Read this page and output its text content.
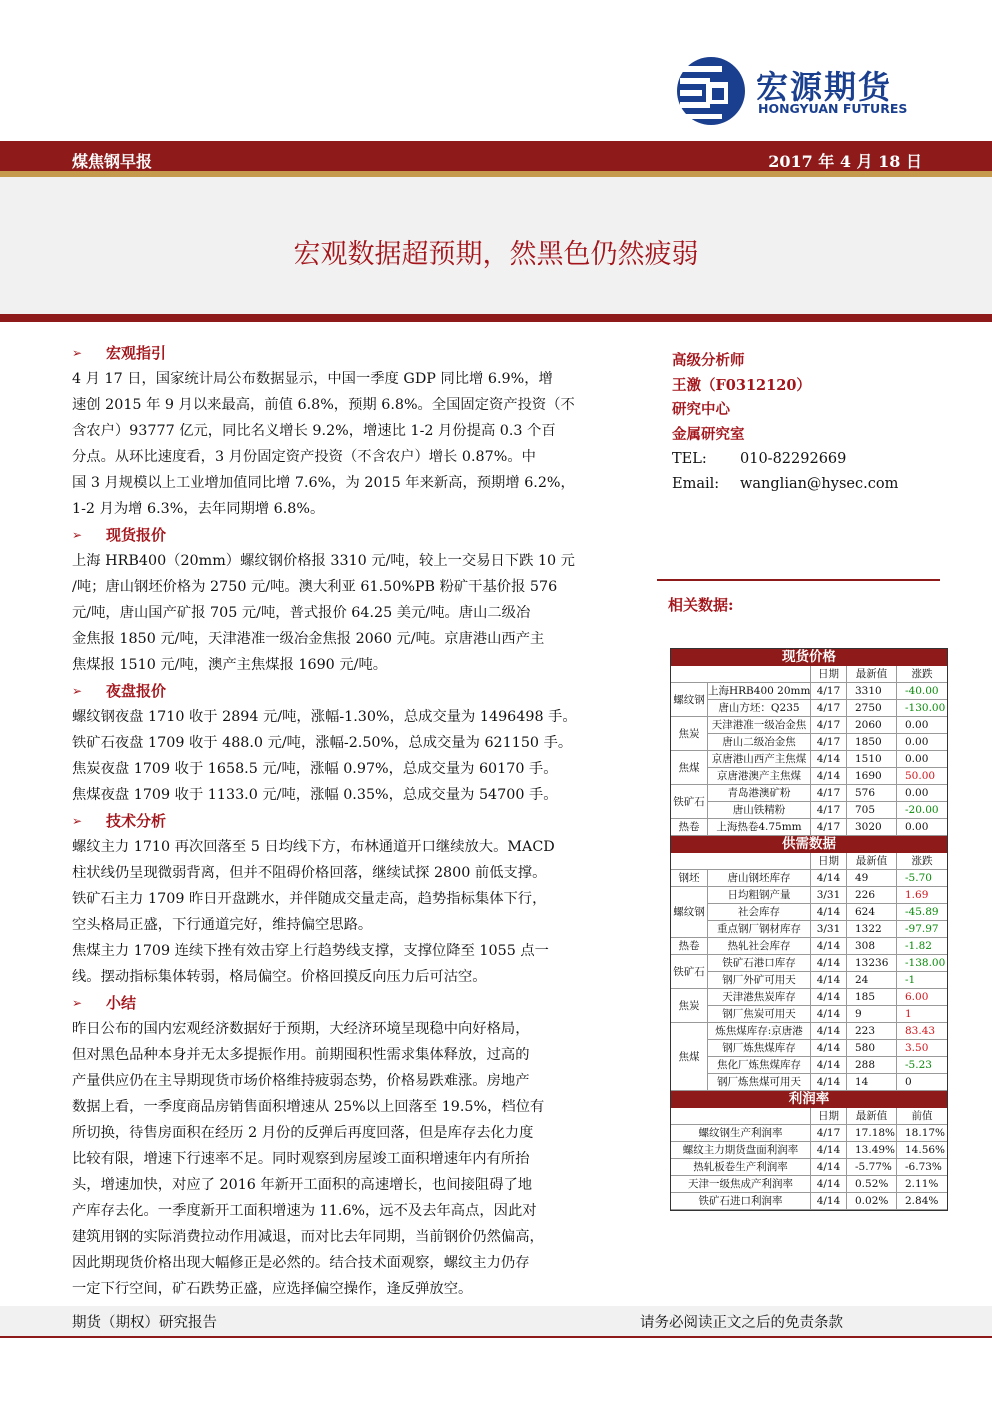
宏源期货
HONGYUAN FUTURES
煤焦钢早报	2017 年 4 月 18 日
宏观数据超预期，然黑色仍然疲弱
➢ 宏观指引
4 月 17 日，国家统计局公布数据显示，中国一季度 GDP 同比增 6.9%，增
速创 2015 年 9 月以来最高，前值 6.8%，预期 6.8%。全国固定资产投资（不
含农户）93777 亿元，同比名义增长 9.2%，增速比 1-2 月份提高 0.3 个百
分点。从环比速度看，3 月份固定资产投资（不含农户）增长 0.87%。中
国 3 月规模以上工业增加值同比增 7.6%，为 2015 年来新高，预期增 6.2%，
1-2 月为增 6.3%，去年同期增 6.8%。
➢ 现货报价
上海 HRB400（20mm）螺纹钢价格报 3310 元/吨，较上一交易日下跌 10 元
/吨；唐山钢坯价格为 2750 元/吨。澳大利亚 61.50%PB 粉矿干基价报 576
元/吨，唐山国产矿报 705 元/吨，普式报价 64.25 美元/吨。唐山二级冶
金焦报 1850 元/吨，天津港准一级冶金焦报 2060 元/吨。京唐港山西产主
焦煤报 1510 元/吨，澳产主焦煤报 1690 元/吨。
➢ 夜盘报价
螺纹钢夜盘 1710 收于 2894 元/吨，涨幅-1.30%，总成交量为 1496498 手。
铁矿石夜盘 1709 收于 488.0 元/吨，涨幅-2.50%，总成交量为 621150 手。
焦炭夜盘 1709 收于 1658.5 元/吨，涨幅 0.97%，总成交量为 60170 手。
焦煤夜盘 1709 收于 1133.0 元/吨，涨幅 0.35%，总成交量为 54700 手。
➢ 技术分析
螺纹主力 1710 再次回落至 5 日均线下方，布林通道开口继续放大。MACD
柱状线仍呈现微弱背离，但并不阻碍价格回落，继续试探 2800 前低支撑。
铁矿石主力 1709 昨日开盘跳水，并伴随成交量走高，趋势指标集体下行，
空头格局正盛，下行通道完好，维持偏空思路。
焦煤主力 1709 连续下挫有效击穿上行趋势线支撑，支撑位降至 1055 点一
线。摆动指标集体转弱，格局偏空。价格回摸反向压力后可沽空。
➢ 小结
昨日公布的国内宏观经济数据好于预期，大经济环境呈现稳中向好格局，
但对黑色品种本身并无太多提振作用。前期囤积性需求集体释放，过高的
产量供应仍在主导期现货市场价格维持疲弱态势，价格易跌难涨。房地产
数据上看，一季度商品房销售面积增速从 25%以上回落至 19.5%，档位有
所切换，待售房面积在经历 2 月份的反弹后再度回落，但是库存去化力度
比较有限，增速下行速率不足。同时观察到房屋竣工面积增速年内有所抬
头，增速加快，对应了 2016 年新开工面积的高速增长，也间接阻碍了地
产库存去化。一季度新开工面积增速为 11.6%，远不及去年高点，因此对
建筑用钢的实际消费拉动作用减退，而对比去年同期，当前钢价仍然偏高，
因此期现货价格出现大幅修正是必然的。结合技术面观察，螺纹主力仍存
一定下行空间，矿石跌势正盛，应选择偏空操作，逢反弹放空。
高级分析师
王激（F0312120）
研究中心
金属研究室
TEL: 010-82292669
Email: wanglian@hysec.com
相关数据:
现货价格
日期	最新值	涨跌
螺纹钢
上海HRB400 20mm 4/17	3310	-40.00
唐山方坯：Q235	4/17	2750	-130.00
焦炭
天津港准一级冶金焦 4/17	2060	0.00
唐山二级冶金焦	4/17	1850	0.00
焦煤
京唐港山西产主焦煤 4/14	1510	0.00
京唐港澳产主焦煤	4/14	1690	50.00
铁矿石
青岛港澳矿粉	4/17	576	0.00
唐山铁精粉	4/17	705	-20.00
热卷	上海热卷4.75mm	4/17	3020	0.00
供需数据
日期	最新值	涨跌
钢坯	唐山钢坯库存	4/14	49	-5.70
螺纹钢
日均粗钢产量	3/31	226	1.69
社会库存	4/14	624	-45.89
重点钢厂钢材库存	3/31	1322	-97.97
热卷	热轧社会库存	4/14	308	-1.82
铁矿石
铁矿石港口库存	4/14	13236	-138.00
钢厂外矿可用天	4/14	24	-1
焦炭
天津港焦炭库存	4/14	185	6.00
钢厂焦炭可用天	4/14	9	1
焦煤
炼焦煤库存:京唐港	4/14	223	83.43
钢厂炼焦煤库存	4/14	580	3.50
焦化厂炼焦煤库存	4/14	288	-5.23
钢厂炼焦煤可用天	4/14	14	0
利润率
日期	最新值	前值
螺纹钢生产利润率	4/17	17.18% 18.17%
螺纹主力期货盘面利润率	4/14	13.49% 14.56%
热轧板卷生产利润率	4/14	-5.77%	-6.73%
天津一级焦成产利润率	4/14	0.52%	2.11%
铁矿石进口利润率	4/14	0.02%	2.84%
期货（期权）研究报告	请务必阅读正文之后的免责条款
